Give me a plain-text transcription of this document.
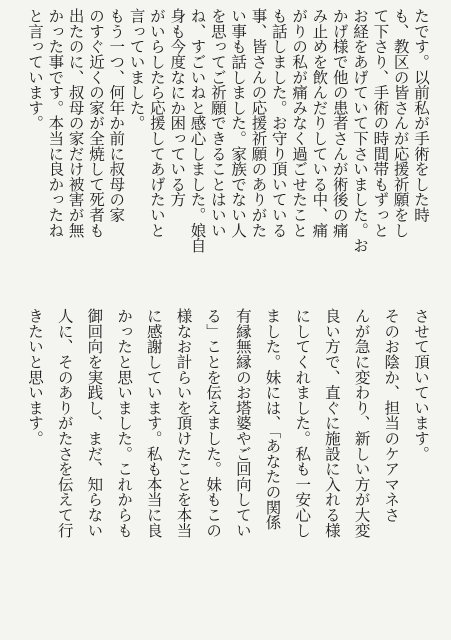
たです。以前私が手術をした時
も、教区の皆さんが応援祈願をし
て下さり、手術の時間帯もずっと
お経をあげていて下さいました。お
かげ様で他の患者さんが術後の痛
み止めを飲んだりしている中、痛
がりの私が痛みなく過ごせたこと
も話しました。お守り頂いている
事、皆さんの応援祈願のありがた
い事も話しました。家族でない人
を思ってご祈願できることはいい
ね、すごいねと感心しました。娘自
身も今度なにか困っている方
がいらしたら応援してあげたいと
言っていました。
もう一つ、何年か前に叔母の家
のすぐ近くの家が全焼して死者も
出たのに、叔母の家だけ被害が無
かった事です。本当に良かったね
と言っています。
させて頂いています。
そのお陰か、担当のケアマネさ
んが急に変わり、新しい方が大変
良い方で、直ぐに施設に入れる様
にしてくれました。私も一安心し
ました。妹には、「あなたの関係
有縁無縁のお塔婆やご回向してい
る」ことを伝えました。妹もこの
様なお計らいを頂けたことを本当
に感謝しています。私も本当に良
かったと思いました。これからも
御回向を実践し、まだ、知らない
人に、そのありがたさを伝えて行
きたいと思います。
